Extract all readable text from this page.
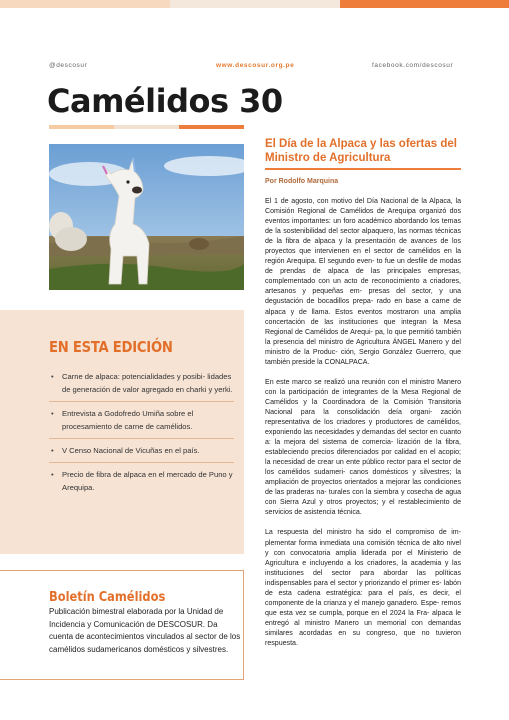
@descosur	www.descosur.org.pe	facebook.com/descosur
Camélidos 30
EN ESTA EDICIÓN
• Carne de alpaca: potencialidades y posibi- lidades de generación de valor agregado en charki y yerki.
• Entrevista a Godofredo Umiña sobre el procesamiento de carne de camélidos.
• V Censo Nacional de Vicuñas en el país.
• Precio de fibra de alpaca en el mercado de Puno y Arequipa.
Boletín Camélidos
Publicación bimestral elaborada por la Unidad de Incidencia y Comunicación de DESCOSUR. Da cuenta de acontecimientos vinculados al sector de los camélidos sudamericanos domésticos y silvestres.
El Día de la Alpaca y las ofertas del Ministro de Agricultura
Por Rodolfo Marquina

El 1 de agosto, con motivo del Día Nacional de la Alpaca, la Comisión Regional de Camélidos de Arequipa organizó dos eventos importantes: un foro académico abordando los temas de la sostenibilidad del sector alpaquero, las normas técnicas de la fibra de alpaca y la presentación de avances de los proyectos que intervienen en el sector de camélidos en la región Arequipa. El segundo even- to fue un desfile de modas de prendas de alpaca de las principales empresas, complementado con un acto de reconocimiento a criadores, artesanos y pequeñas em- presas del sector, y una degustación de bocadillos prepa- rado en base a carne de alpaca y de llama. Estos eventos mostraron una amplia concertación de las instituciones que integran la Mesa Regional de Camélidos de Arequi- pa, lo que permitió también la presencia del ministro de Agricultura ÁNGEL Manero y del ministro de la Produc- ción, Sergio González Guerrero, que también preside la CONALPACA.

En este marco se realizó una reunión con el ministro Manero con la participación de integrantes de la Mesa Regional de Camélidos y la Coordinadora de la Comisión Transitoria Nacional para la consolidación deía organi- zación representativa de los criadores y productores de camélidos, exponiendo las necesidades y demandas del sector en cuanto a: la mejora del sistema de comercia- lización de la fibra, estableciendo precios diferenciados por calidad en el acopio; la necesidad de crear un ente público rector para el sector de los camélidos sudameri- canos domésticos y silvestres; la ampliación de proyectos orientados a mejorar las condiciones de las praderas na- turales con la siembra y cosecha de agua con Sierra Azul y otros proyectos; y el restablecimiento de servicios de asistencia técnica.

La respuesta del ministro ha sido el compromiso de im- plementar forma inmediata una comisión técnica de alto nivel y con convocatoria amplia liderada por el Ministerio de Agricultura e incluyendo a los criadores, la academia y las instituciones del sector para abordar las políticas indispensables para el sector y priorizando el primer es- labón de esta cadena estratégica: para el país, es decir, el componente de la crianza y el manejo ganadero. Espe- remos que esta vez se cumpla, porque en el 2024 la Fra- alpaca le entregó al ministro Manero un memorial con demandas similares acordadas en su congreso, que no tuvieron respuesta.
